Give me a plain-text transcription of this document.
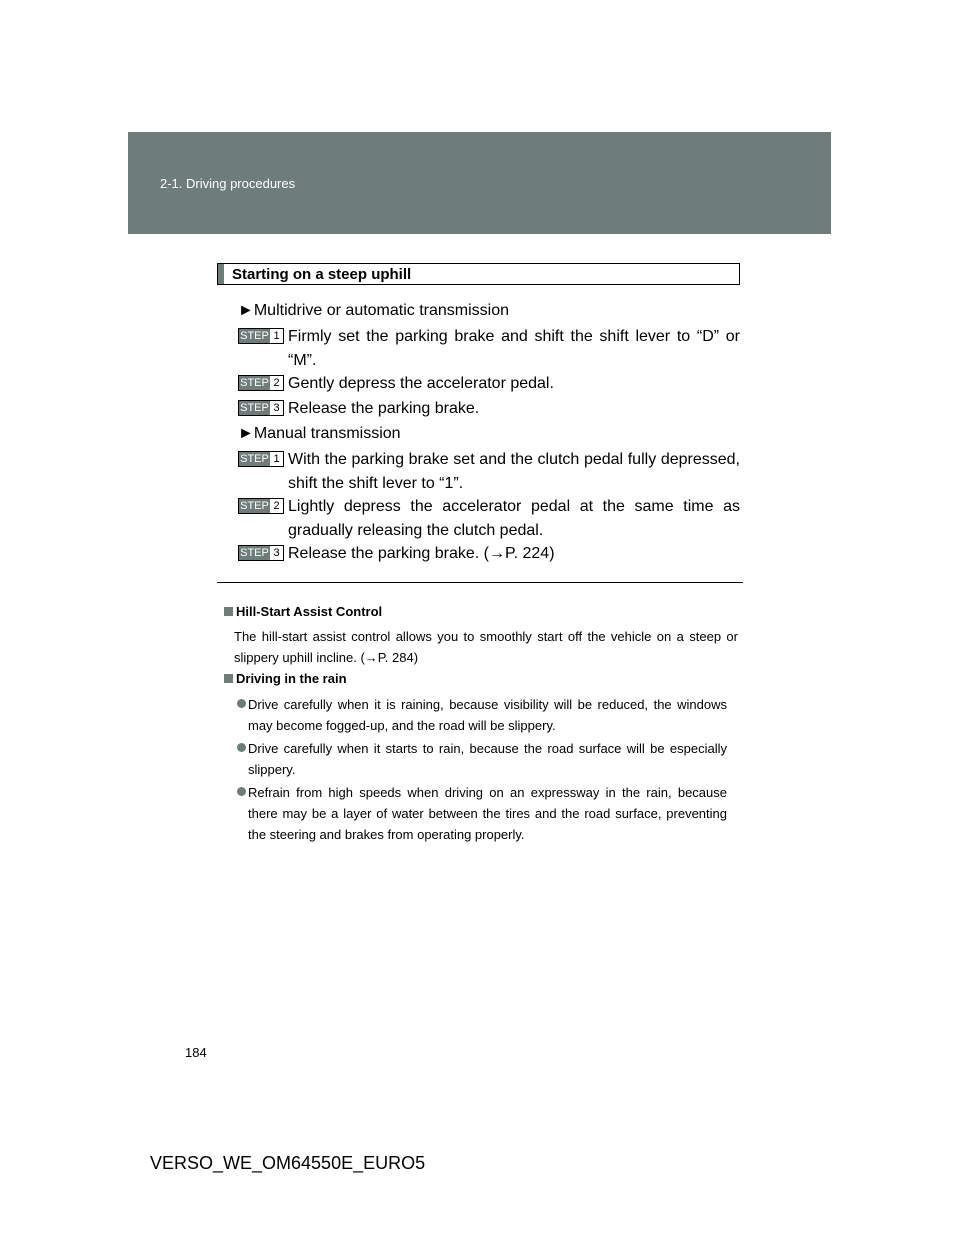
2-1. Driving procedures
Starting on a steep uphill
►Multidrive or automatic transmission
STEP 1 Firmly set the parking brake and shift the shift lever to “D” or “M”.
STEP 2 Gently depress the accelerator pedal.
STEP 3 Release the parking brake.
►Manual transmission
STEP 1 With the parking brake set and the clutch pedal fully depressed, shift the shift lever to “1”.
STEP 2 Lightly depress the accelerator pedal at the same time as gradually releasing the clutch pedal.
STEP 3 Release the parking brake. (→P. 224)
Hill-Start Assist Control
The hill-start assist control allows you to smoothly start off the vehicle on a steep or slippery uphill incline. (→P. 284)
Driving in the rain
Drive carefully when it is raining, because visibility will be reduced, the windows may become fogged-up, and the road will be slippery.
Drive carefully when it starts to rain, because the road surface will be especially slippery.
Refrain from high speeds when driving on an expressway in the rain, because there may be a layer of water between the tires and the road surface, preventing the steering and brakes from operating properly.
184
VERSO_WE_OM64550E_EURO5
